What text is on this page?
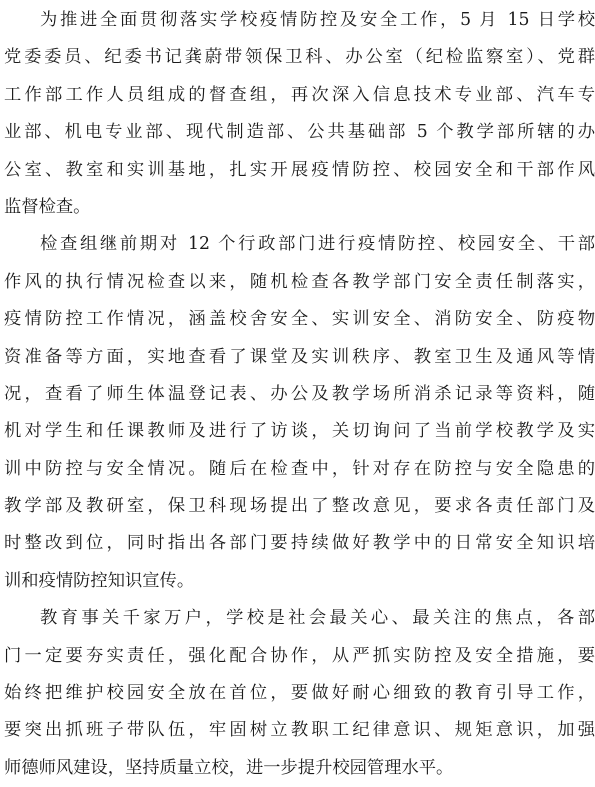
为推进全面贯彻落实学校疫情防控及安全工作，5 月 15 日学校
党委委员、纪委书记龚蔚带领保卫科、办公室（纪检监察室）、党群
工作部工作人员组成的督查组，再次深入信息技术专业部、汽车专
业部、机电专业部、现代制造部、公共基础部 5 个教学部所辖的办
公室、教室和实训基地，扎实开展疫情防控、校园安全和干部作风
监督检查。
检查组继前期对 12 个行政部门进行疫情防控、校园安全、干部
作风的执行情况检查以来，随机检查各教学部门安全责任制落实，
疫情防控工作情况，涵盖校舍安全、实训安全、消防安全、防疫物
资准备等方面，实地查看了课堂及实训秩序、教室卫生及通风等情
况，查看了师生体温登记表、办公及教学场所消杀记录等资料，随
机对学生和任课教师及进行了访谈，关切询问了当前学校教学及实
训中防控与安全情况。随后在检查中，针对存在防控与安全隐患的
教学部及教研室，保卫科现场提出了整改意见，要求各责任部门及
时整改到位，同时指出各部门要持续做好教学中的日常安全知识培
训和疫情防控知识宣传。
教育事关千家万户，学校是社会最关心、最关注的焦点，各部
门一定要夯实责任，强化配合协作，从严抓实防控及安全措施，要
始终把维护校园安全放在首位，要做好耐心细致的教育引导工作，
要突出抓班子带队伍，牢固树立教职工纪律意识、规矩意识，加强
师德师风建设，坚持质量立校，进一步提升校园管理水平。
